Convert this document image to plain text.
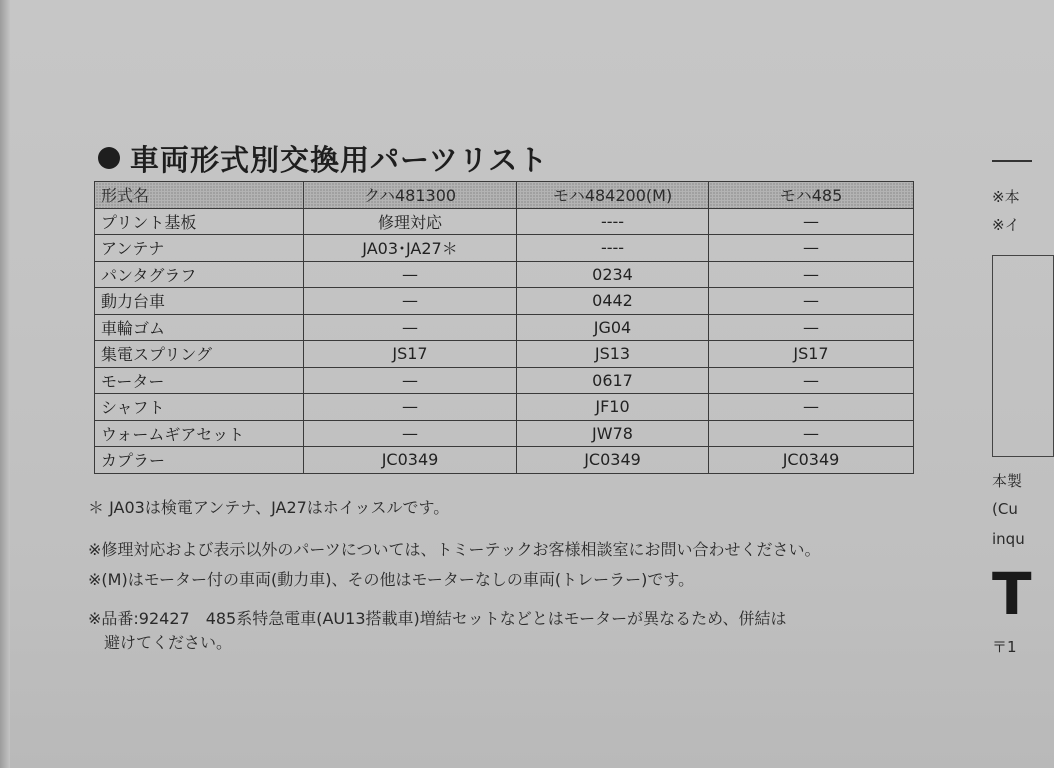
車両形式別交換用パーツリスト
形式名	クハ481300	モハ484200(M)	モハ485
プリント基板	修理対応	----	—
アンテナ	JA03･JA27＊	----	—
パンタグラフ	—	0234	—
動力台車	—	0442	—
車輪ゴム	—	JG04	—
集電スプリング	JS17	JS13	JS17
モーター	—	0617	—
シャフト	—	JF10	—
ウォームギアセット	—	JW78	—
カプラー	JC0349	JC0349	JC0349
＊ JA03は検電アンテナ、JA27はホイッスルです。
※修理対応および表示以外のパーツについては、トミーテックお客様相談室にお問い合わせください。
※(M)はモーター付の車両(動力車)、その他はモーターなしの車両(トレーラー)です。
※品番:92427　485系特急電車(AU13搭載車)増結セットなどとはモーターが異なるため、併結は
避けてください。
※本
※イ
本製
(Cu
inqu
T
〒1
